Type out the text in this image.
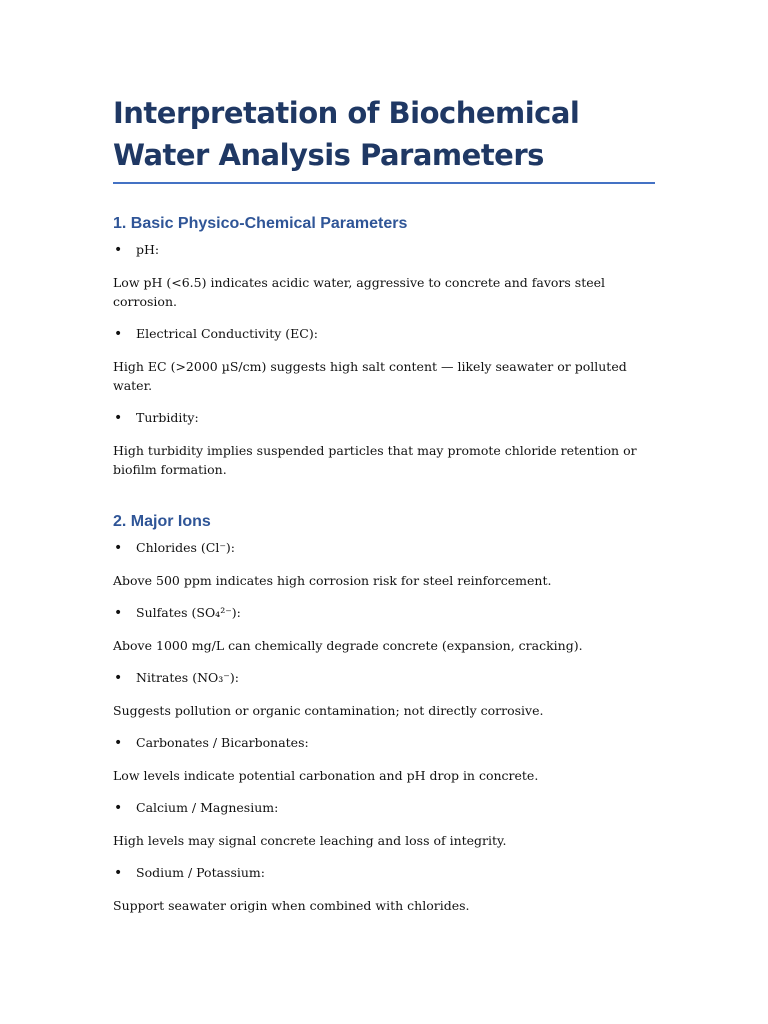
Interpretation of Biochemical Water Analysis Parameters
1. Basic Physico-Chemical Parameters

• pH:

Low pH (<6.5) indicates acidic water, aggressive to concrete and favors steel corrosion.

• Electrical Conductivity (EC):

High EC (>2000 µS/cm) suggests high salt content — likely seawater or polluted water.

• Turbidity:

High turbidity implies suspended particles that may promote chloride retention or biofilm formation.

2. Major Ions

• Chlorides (Cl⁻):

Above 500 ppm indicates high corrosion risk for steel reinforcement.

• Sulfates (SO₄²⁻):

Above 1000 mg/L can chemically degrade concrete (expansion, cracking).

• Nitrates (NO₃⁻):

Suggests pollution or organic contamination; not directly corrosive.

• Carbonates / Bicarbonates:

Low levels indicate potential carbonation and pH drop in concrete.

• Calcium / Magnesium:

High levels may signal concrete leaching and loss of integrity.

• Sodium / Potassium:

Support seawater origin when combined with chlorides.
